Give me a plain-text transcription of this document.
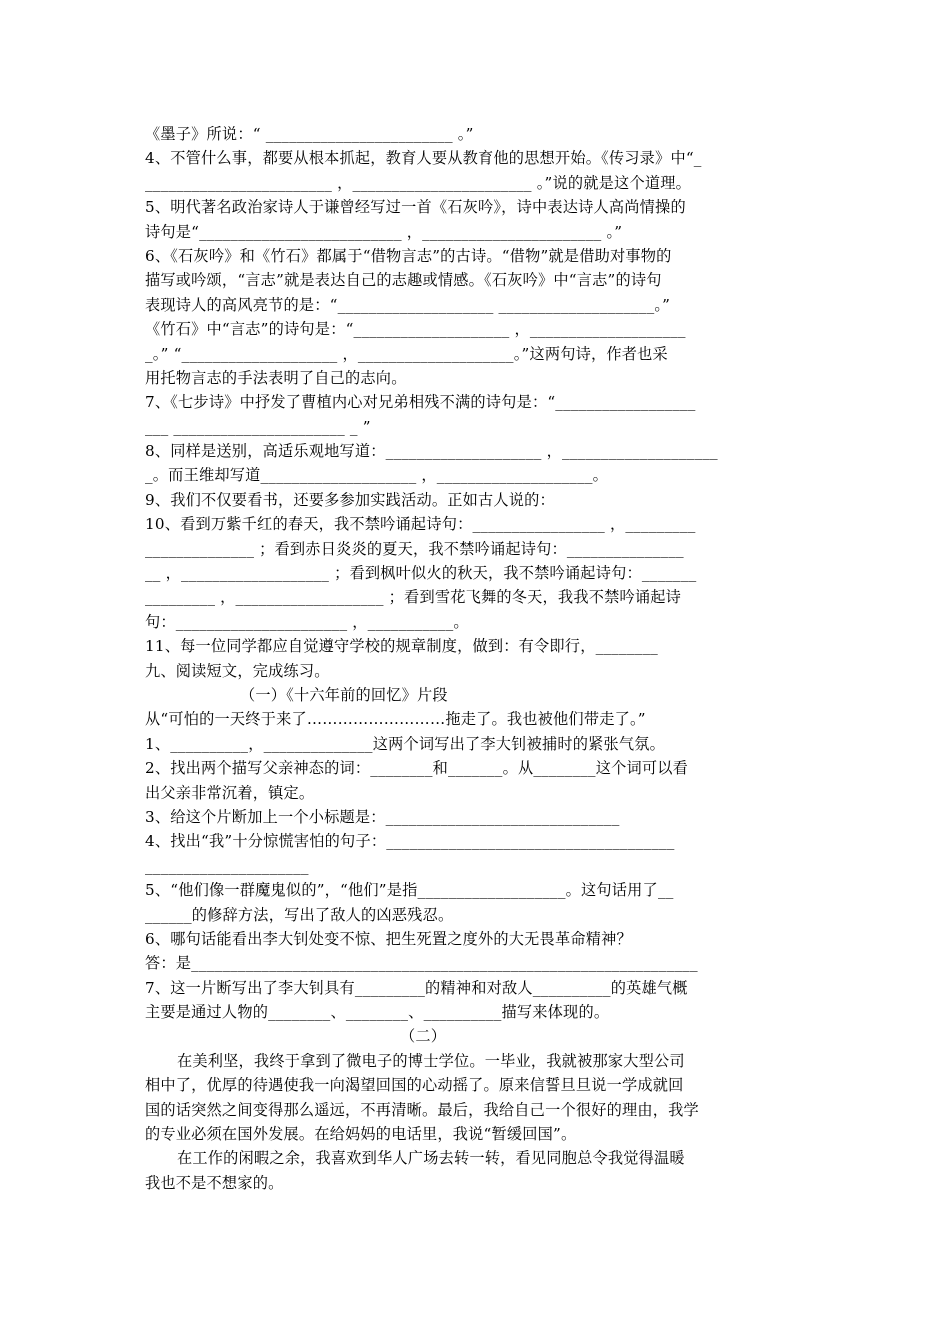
《墨子》所说：“ ________________________ 。”
4、不管什么事，都要从根本抓起，教育人要从教育他的思想开始。《传习录》中“_
________________________ ，_______________________ 。”说的就是这个道理。
5、明代著名政治家诗人于谦曾经写过一首《石灰吟》，诗中表达诗人高尚情操的
诗句是“__________________________ ，_______________________ 。”
6、《石灰吟》和《竹石》都属于“借物言志”的古诗。“借物”就是借助对事物的
描写或吟颂，“言志”就是表达自己的志趣或情感。《石灰吟》中“言志”的诗句
表现诗人的高风亮节的是：“____________________ ____________________。”
《竹石》中“言志”的诗句是：“____________________ ，____________________
_。” “____________________ ，____________________。”这两句诗，作者也采
用托物言志的手法表明了自己的志向。
7、《七步诗》中抒发了曹植内心对兄弟相残不满的诗句是：“__________________
___ ______________________ _ ”
8、同样是送别，高适乐观地写道：____________________ ，____________________
_。而王维却写道____________________ ，____________________。
9、我们不仅要看书，还要多参加实践活动。正如古人说的：
10、看到万紫千红的春天，我不禁吟诵起诗句：_________________ ，_________
______________ ；看到赤日炎炎的夏天，我不禁吟诵起诗句：_______________
__ ，___________________ ；看到枫叶似火的秋天，我不禁吟诵起诗句：_______
_________ ，___________________ ；看到雪花飞舞的冬天，我我不禁吟诵起诗
句：______________________ ，___________。
11、每一位同学都应自觉遵守学校的规章制度，做到：有令即行，________
九、阅读短文，完成练习。
（一）《十六年前的回忆》片段
从“可怕的一天终于来了………………………拖走了。我也被他们带走了。”
1、__________，______________这两个词写出了李大钊被捕时的紧张气氛。
2、找出两个描写父亲神态的词：________和_______。从________这个词可以看
出父亲非常沉着，镇定。
3、给这个片断加上一个小标题是：______________________________
4、找出“我”十分惊慌害怕的句子：_____________________________________
_____________________
5、“他们像一群魔鬼似的”，“他们”是指___________________。这句话用了__
______的修辞方法，写出了敌人的凶恶残忍。
6、哪句话能看出李大钊处变不惊、把生死置之度外的大无畏革命精神？
答：是_________________________________________________________________
7、这一片断写出了李大钊具有_________的精神和对敌人__________的英雄气概
主要是通过人物的________、________、__________描写来体现的。
（二）
在美利坚，我终于拿到了微电子的博士学位。一毕业，我就被那家大型公司
相中了，优厚的待遇使我一向渴望回国的心动摇了。原来信誓旦旦说一学成就回
国的话突然之间变得那么遥远，不再清晰。最后，我给自己一个很好的理由，我学
的专业必须在国外发展。在给妈妈的电话里，我说“暂缓回国”。
在工作的闲暇之余，我喜欢到华人广场去转一转，看见同胞总令我觉得温暖
我也不是不想家的。
